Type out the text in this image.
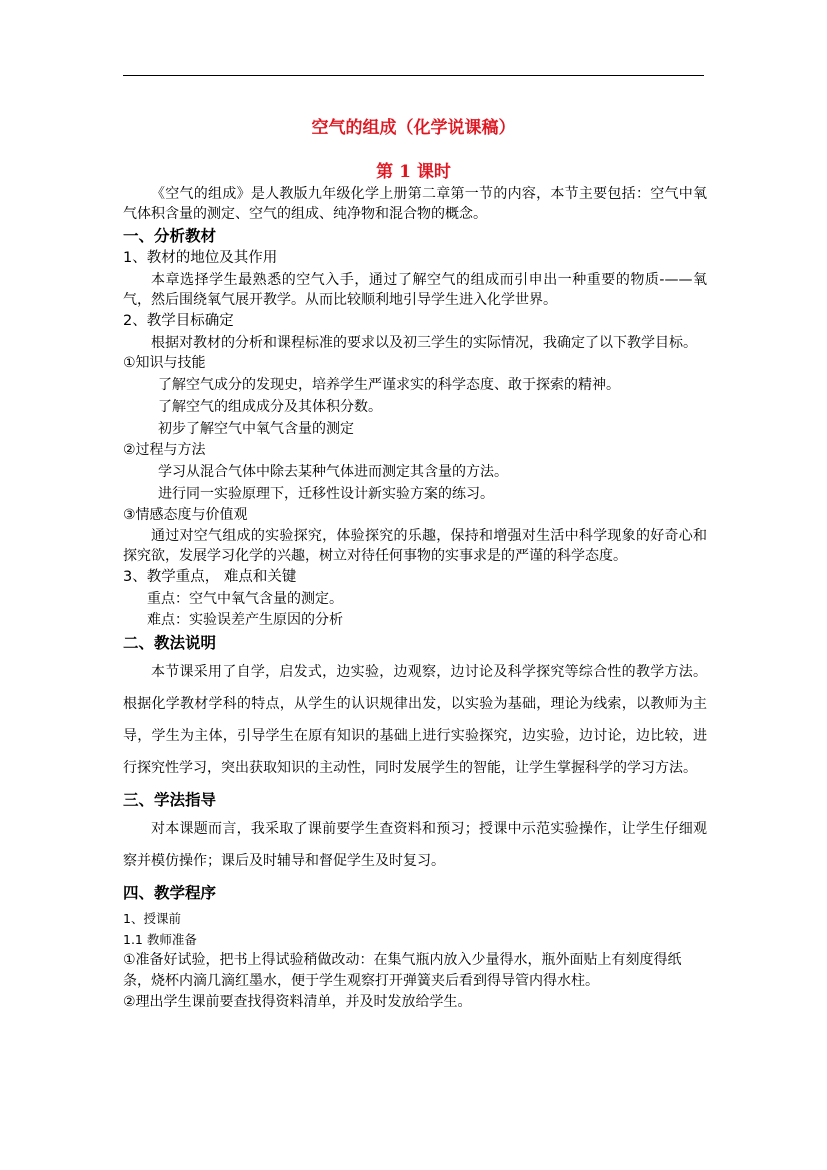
空气的组成（化学说课稿）
第 1 课时

《空气的组成》是人教版九年级化学上册第二章第一节的内容，本节主要包括：空气中氧气体积含量的测定、空气的组成、纯净物和混合物的概念。

一、分析教材

1、教材的地位及其作用

本章选择学生最熟悉的空气入手，通过了解空气的组成而引申出一种重要的物质-——氧气，然后围绕氧气展开教学。从而比较顺利地引导学生进入化学世界。

2、教学目标确定

根据对教材的分析和课程标准的要求以及初三学生的实际情况，我确定了以下教学目标。

①知识与技能

了解空气成分的发现史，培养学生严谨求实的科学态度、敢于探索的精神。

了解空气的组成成分及其体积分数。

初步了解空气中氧气含量的测定

②过程与方法

学习从混合气体中除去某种气体进而测定其含量的方法。

进行同一实验原理下，迁移性设计新实验方案的练习。

③情感态度与价值观

通过对空气组成的实验探究，体验探究的乐趣，保持和增强对生活中科学现象的好奇心和探究欲，发展学习化学的兴趣，树立对待任何事物的实事求是的严谨的科学态度。

3、教学重点， 难点和关键

重点：空气中氧气含量的测定。

难点：实验误差产生原因的分析

二、教法说明

本节课采用了自学，启发式，边实验，边观察，边讨论及科学探究等综合性的教学方法。根据化学教材学科的特点，从学生的认识规律出发，以实验为基础，理论为线索，以教师为主导，学生为主体，引导学生在原有知识的基础上进行实验探究，边实验，边讨论，边比较，进行探究性学习，突出获取知识的主动性，同时发展学生的智能，让学生掌握科学的学习方法。

三、学法指导

对本课题而言，我采取了课前要学生查资料和预习；授课中示范实验操作，让学生仔细观察并模仿操作；课后及时辅导和督促学生及时复习。

四、教学程序

1、授课前

1.1 教师准备

①准备好试验，把书上得试验稍做改动：在集气瓶内放入少量得水，瓶外面贴上有刻度得纸条，烧杯内滴几滴红墨水，便于学生观察打开弹簧夹后看到得导管内得水柱。

②理出学生课前要查找得资料清单，并及时发放给学生。
